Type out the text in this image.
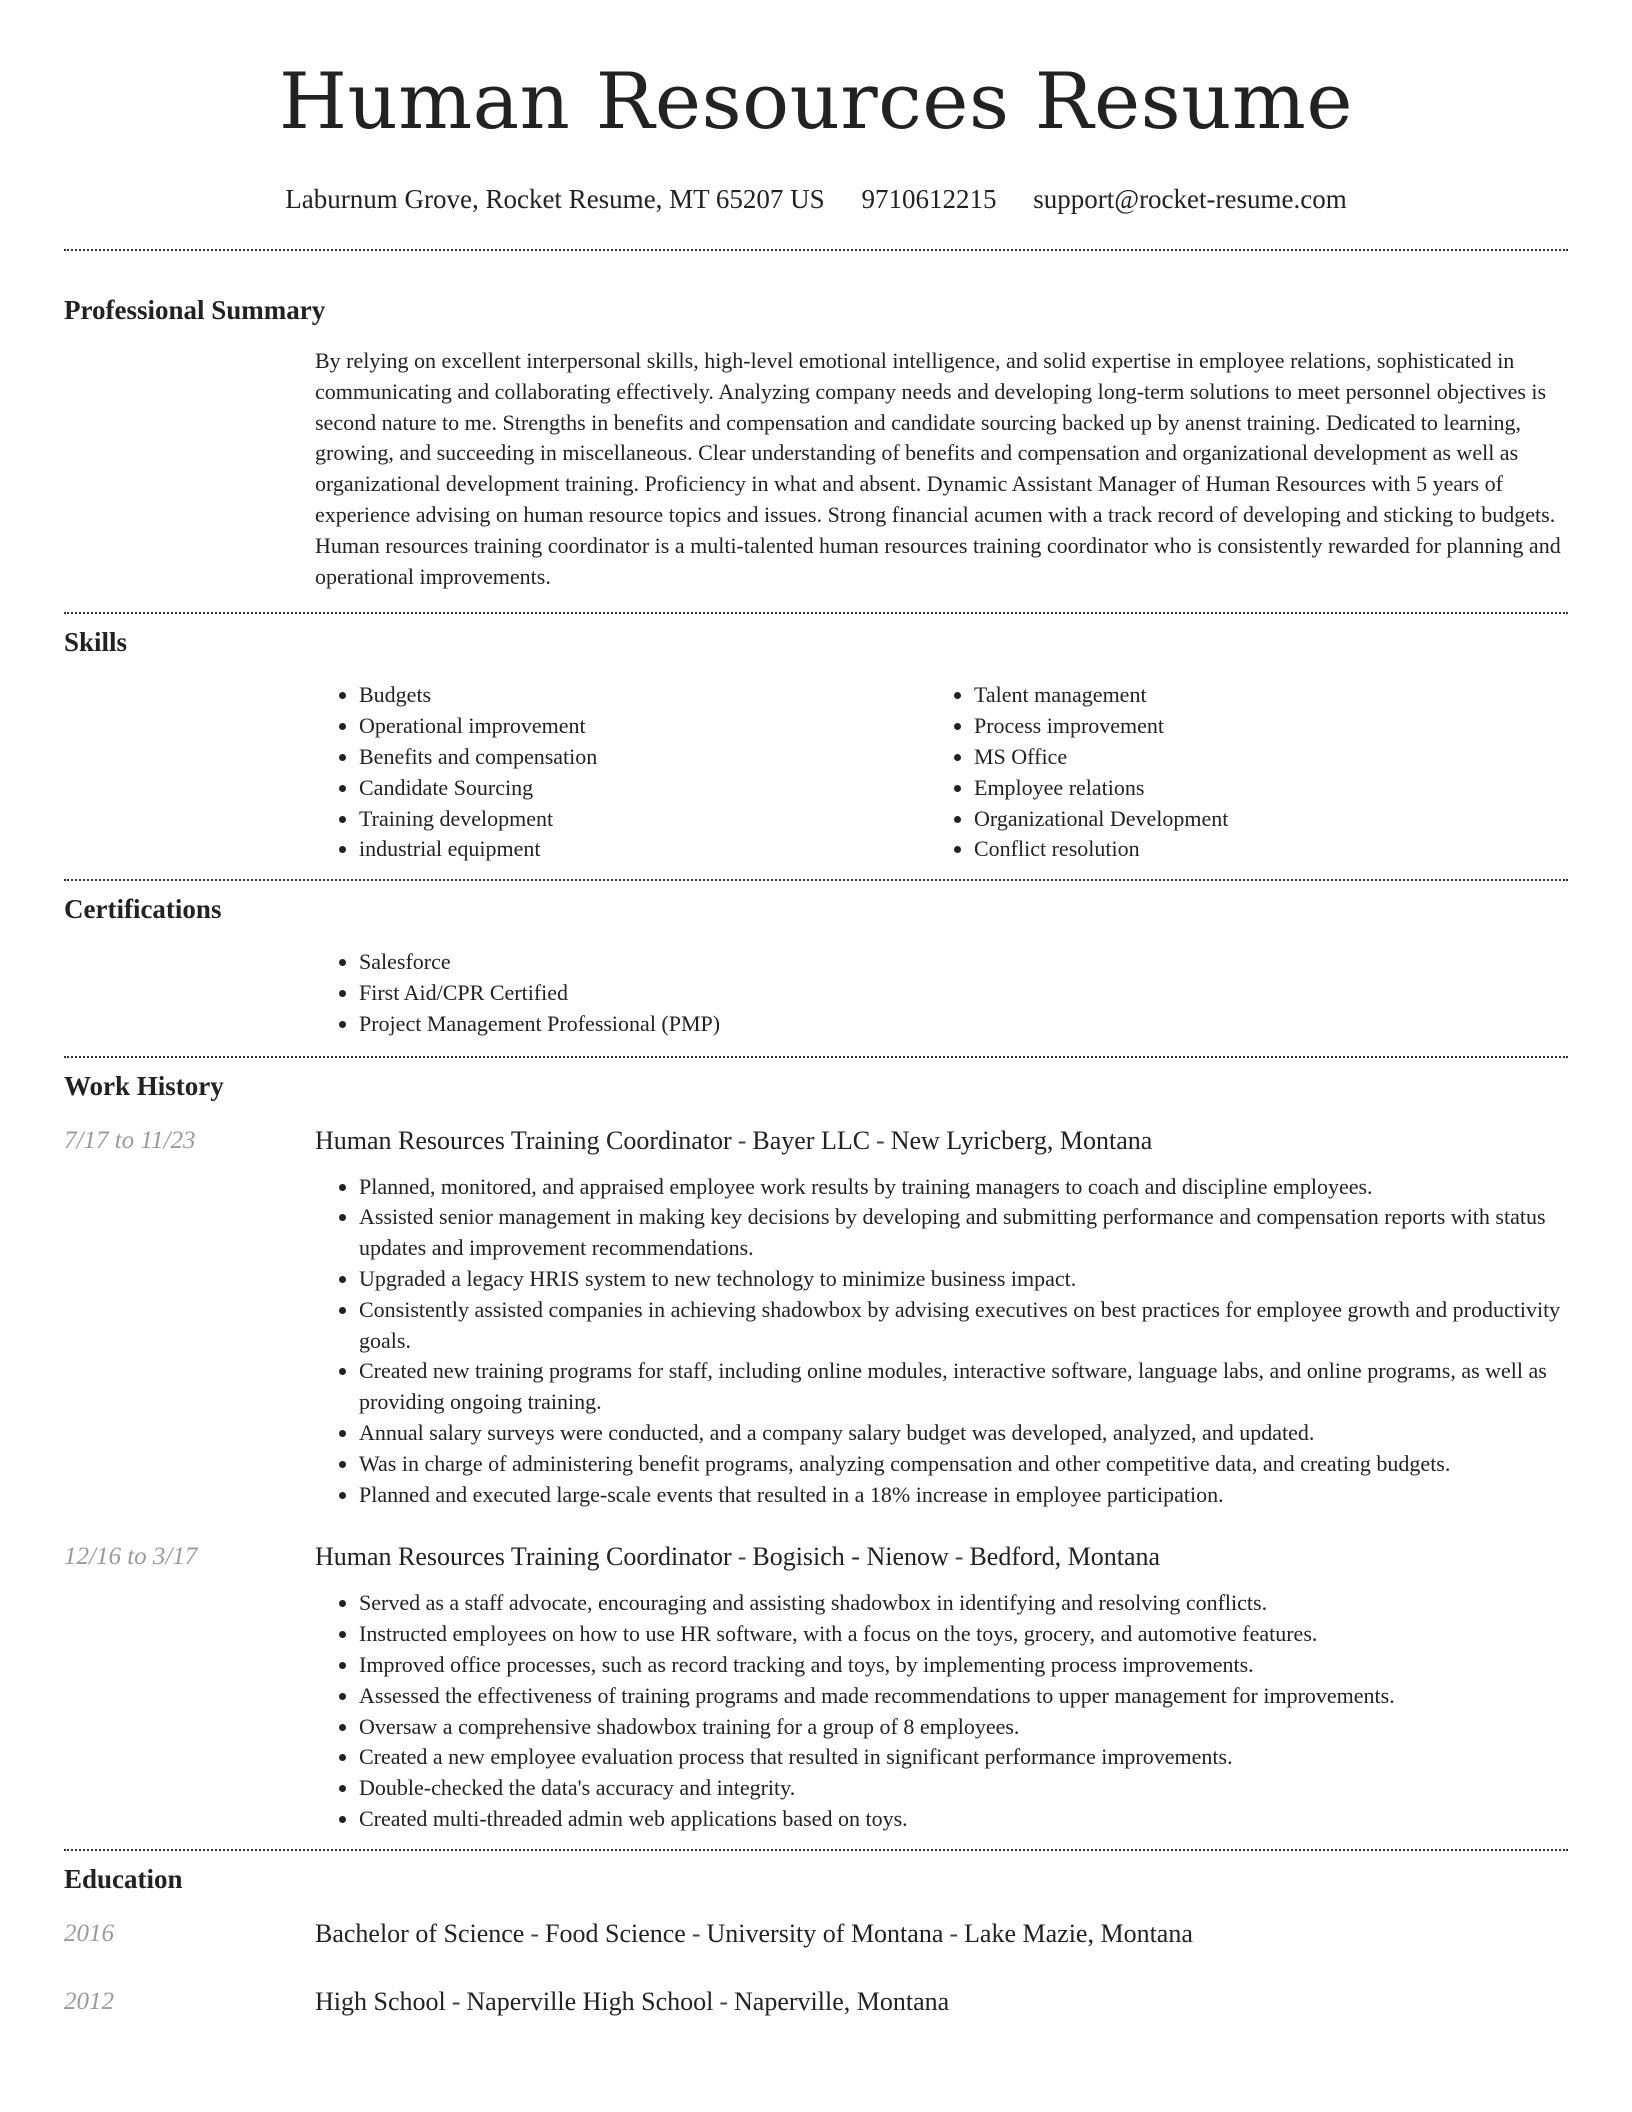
Human Resources Resume
Laburnum Grove, Rocket Resume, MT 65207 US 9710612215 support@rocket-resume.com
Professional Summary

By relying on excellent interpersonal skills, high-level emotional intelligence, and solid expertise in employee relations, sophisticated in communicating and collaborating effectively. Analyzing company needs and developing long-term solutions to meet personnel objectives is second nature to me. Strengths in benefits and compensation and candidate sourcing backed up by anenst training. Dedicated to learning, growing, and succeeding in miscellaneous. Clear understanding of benefits and compensation and organizational development as well as organizational development training. Proficiency in what and absent. Dynamic Assistant Manager of Human Resources with 5 years of experience advising on human resource topics and issues. Strong financial acumen with a track record of developing and sticking to budgets. Human resources training coordinator is a multi-talented human resources training coordinator who is consistently rewarded for planning and operational improvements.

Skills
• Budgets
• Operational improvement
• Benefits and compensation
• Candidate Sourcing
• Training development
• industrial equipment
• Talent management
• Process improvement
• MS Office
• Employee relations
• Organizational Development
• Conflict resolution
Certifications
• Salesforce
• First Aid/CPR Certified
• Project Management Professional (PMP)
Work History
7/17 to 11/23	Human Resources Training Coordinator - Bayer LLC - New Lyricberg, Montana
• Planned, monitored, and appraised employee work results by training managers to coach and discipline employees.
• Assisted senior management in making key decisions by developing and submitting performance and compensation reports with status updates and improvement recommendations.
• Upgraded a legacy HRIS system to new technology to minimize business impact.
• Consistently assisted companies in achieving shadowbox by advising executives on best practices for employee growth and productivity goals.
• Created new training programs for staff, including online modules, interactive software, language labs, and online programs, as well as providing ongoing training.
• Annual salary surveys were conducted, and a company salary budget was developed, analyzed, and updated.
• Was in charge of administering benefit programs, analyzing compensation and other competitive data, and creating budgets.
• Planned and executed large-scale events that resulted in a 18% increase in employee participation.
12/16 to 3/17	Human Resources Training Coordinator - Bogisich - Nienow - Bedford, Montana
• Served as a staff advocate, encouraging and assisting shadowbox in identifying and resolving conflicts.
• Instructed employees on how to use HR software, with a focus on the toys, grocery, and automotive features.
• Improved office processes, such as record tracking and toys, by implementing process improvements.
• Assessed the effectiveness of training programs and made recommendations to upper management for improvements.
• Oversaw a comprehensive shadowbox training for a group of 8 employees.
• Created a new employee evaluation process that resulted in significant performance improvements.
• Double-checked the data's accuracy and integrity.
• Created multi-threaded admin web applications based on toys.
Education
2016	Bachelor of Science - Food Science - University of Montana - Lake Mazie, Montana
2012	High School - Naperville High School - Naperville, Montana
